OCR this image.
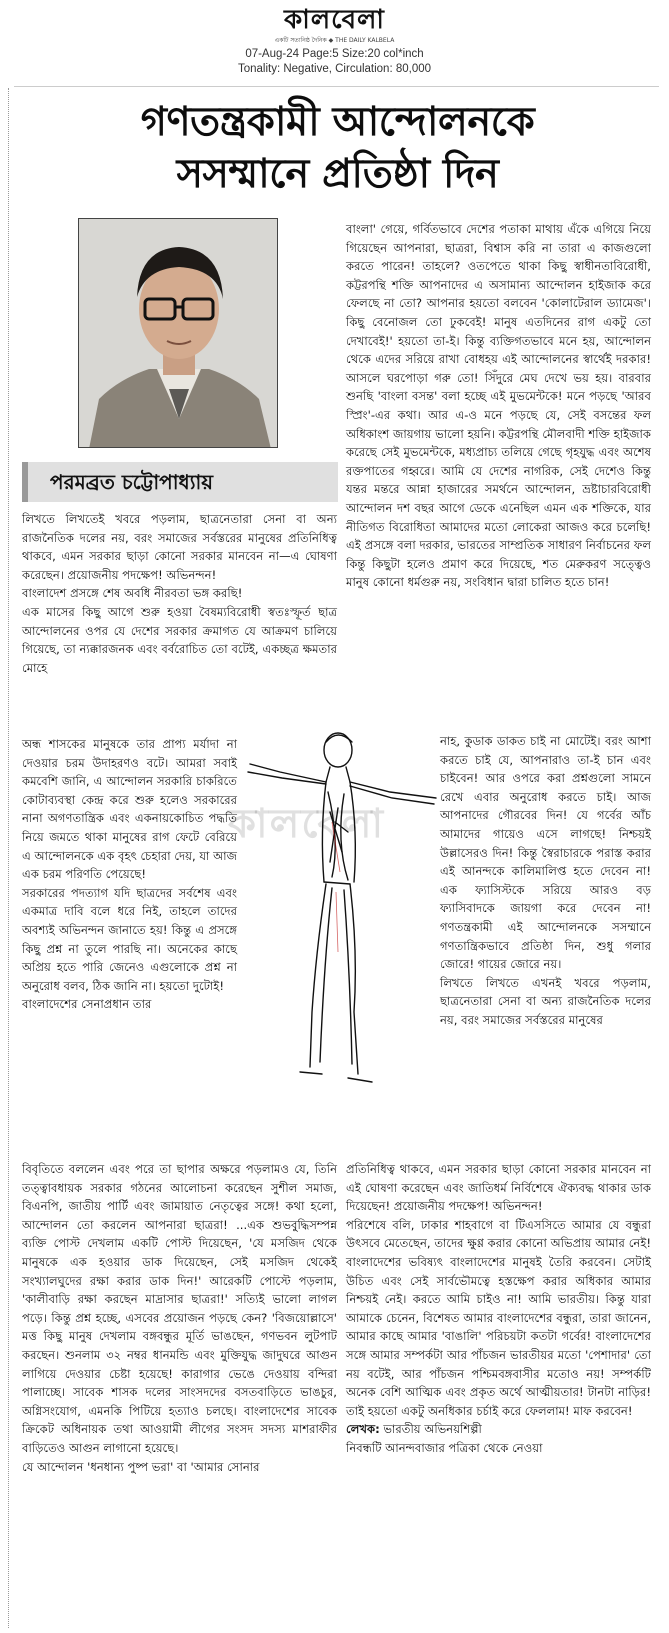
কালবেলা
একটি সত্যনিষ্ঠ দৈনিক ◆ THE DAILY KALBELA
07-Aug-24 Page:5 Size:20 col*inch
Tonality: Negative, Circulation: 80,000
গণতন্ত্রকামী আন্দোলনকে
সসম্মানে প্রতিষ্ঠা দিন
পরমব্রত চট্টোপাধ্যায়

লিখতে লিখতেই খবরে পড়লাম, ছাত্রনেতারা সেনা বা অন্য রাজনৈতিক দলের নয়, বরং সমাজের সর্বস্তরের মানুষের প্রতিনিধিত্ব থাকবে, এমন সরকার ছাড়া কোনো সরকার মানবেন না—এ ঘোষণা করেছেন। প্রয়োজনীয় পদক্ষেপ! অভিনন্দন!

বাংলাদেশ প্রসঙ্গে শেষ অবধি নীরবতা ভঙ্গ করছি!

এক মাসের কিছু আগে শুরু হওয়া বৈষম্যবিরোধী স্বতঃস্ফূর্ত ছাত্র আন্দোলনের ওপর যে দেশের সরকার ক্রমাগত যে আক্রমণ চালিয়ে গিয়েছে, তা ন্যক্কারজনক এবং বর্বরোচিত তো বটেই, একচ্ছত্র ক্ষমতার মোহে

অন্ধ শাসকের মানুষকে তার প্রাপ্য মর্যাদা না দেওয়ার চরম উদাহরণও বটে। আমরা সবাই কমবেশি জানি, এ আন্দোলন সরকারি চাকরিতে কোটাব্যবস্থা কেন্দ্র করে শুরু হলেও সরকারের নানা অগণতান্ত্রিক এবং একনায়কোচিত পদ্ধতি নিয়ে জমতে থাকা মানুষের রাগ ফেটে বেরিয়ে এ আন্দোলনকে এক বৃহৎ চেহারা দেয়, যা আজ এক চরম পরিণতি পেয়েছে!

সরকারের পদত্যাগ যদি ছাত্রদের সর্বশেষ এবং একমাত্র দাবি বলে ধরে নিই, তাহলে তাদের অবশ্যই অভিনন্দন জানাতে হয়! কিন্তু এ প্রসঙ্গে কিছু প্রশ্ন না তুলে পারছি না। অনেকের কাছে অপ্রিয় হতে পারি জেনেও এগুলোকে প্রশ্ন না অনুরোধ বলব, ঠিক জানি না। হয়তো দুটোই!

বাংলাদেশের সেনাপ্রধান তার

বিবৃতিতে বললেন এবং পরে তা ছাপার অক্ষরে পড়লামও যে, তিনি তত্ত্বাবধায়ক সরকার গঠনের আলোচনা করেছেন সুশীল সমাজ, বিএনপি, জাতীয় পার্টি এবং জামায়াত নেতৃত্বের সঙ্গে! কথা হলো, আন্দোলন তো করলেন আপনারা ছাত্ররা! ...এক শুভবুদ্ধিসম্পন্ন ব্যক্তি পোস্ট দেখলাম একটি পোস্ট দিয়েছেন, 'যে মসজিদ থেকে মানুষকে এক হওয়ার ডাক দিয়েছেন, সেই মসজিদ থেকেই সংখ্যালঘুদের রক্ষা করার ডাক দিন!' আরেকটি পোস্টে পড়লাম, 'কালীবাড়ি রক্ষা করছেন মাদ্রাসার ছাত্ররা!' সত্যিই ভালো লাগল পড়ে। কিন্তু প্রশ্ন হচ্ছে, এসবের প্রয়োজন পড়ছে কেন? 'বিজয়োল্লাসে' মত্ত কিছু মানুষ দেখলাম বঙ্গবন্ধুর মূর্তি ভাঙছেন, গণভবন লুটপাট করছেন। শুনলাম ৩২ নম্বর ধানমন্ডি এবং মুক্তিযুদ্ধ জাদুঘরে আগুন লাগিয়ে দেওয়ার চেষ্টা হয়েছে! কারাগার ভেঙে দেওয়ায় বন্দিরা পালাচ্ছে। সাবেক শাসক দলের সাংসদদের বসতবাড়িতে ভাঙচুর, অগ্নিসংযোগ, এমনকি পিটিয়ে হত্যাও চলছে। বাংলাদেশের সাবেক ক্রিকেট অধিনায়ক তথা আওয়ামী লীগের সংসদ সদস্য মাশরাফীর বাড়িতেও আগুন লাগানো হয়েছে।

যে আন্দোলন 'ধনধান্য পুষ্প ভরা' বা 'আমার সোনার

বাংলা' গেয়ে, গর্বিতভাবে দেশের পতাকা মাথায় এঁকে এগিয়ে নিয়ে গিয়েছেন আপনারা, ছাত্ররা, বিশ্বাস করি না তারা এ কাজগুলো করতে পারেন! তাহলে? ওতপেতে থাকা কিছু স্বাধীনতাবিরোধী, কট্টরপন্থি শক্তি আপনাদের এ অসামান্য আন্দোলন হাইজাক করে ফেলছে না তো? আপনার হয়তো বলবেন 'কোলাটেরাল ড্যামেজ'। কিছু বেনোজল তো ঢুকবেই! মানুষ এতদিনের রাগ একটু তো দেখাবেই!' হয়তো তা-ই। কিন্তু ব্যক্তিগতভাবে মনে হয়, আন্দোলন থেকে এদের সরিয়ে রাখা বোধহয় এই আন্দোলনের স্বার্থেই দরকার! আসলে ঘরপোড়া গরু তো! সিঁদুরে মেঘ দেখে ভয় হয়। বারবার শুনছি 'বাংলা বসন্ত' বলা হচ্ছে এই মুভমেন্টকে! মনে পড়ছে 'আরব স্প্রিং'-এর কথা। আর এ-ও মনে পড়ছে যে, সেই বসন্তের ফল অধিকাংশ জায়গায় ভালো হয়নি। কট্টরপন্থি মৌলবাদী শক্তি হাইজাক করেছে সেই মুভমেন্টকে, মধ্যপ্রাচ্য তলিয়ে গেছে গৃহযুদ্ধ এবং অশেষ রক্তপাতের গহ্বরে। আমি যে দেশের নাগরিক, সেই দেশেও কিন্তু যন্তর মন্তরে আন্না হাজারের সমর্থনে আন্দোলন, ভ্রষ্টাচারবিরোধী আন্দোলন দশ বছর আগে ডেকে এনেছিল এমন এক শক্তিকে, যার নীতিগত বিরোধিতা আমাদের মতো লোকেরা আজও করে চলেছি! এই প্রসঙ্গে বলা দরকার, ভারতের সাম্প্রতিক সাধারণ নির্বাচনের ফল কিন্তু কিছুটা হলেও প্রমাণ করে দিয়েছে, শত মেরুকরণ সত্ত্বেও মানুষ কোনো ধর্মগুরু নয়, সংবিধান দ্বারা চালিত হতে চান!

কালবেলা

নাহ, কুডাক ডাকত চাই না মোটেই। বরং আশা করতে চাই যে, আপনারাও তা-ই চান এবং চাইবেন! আর ওপরে করা প্রশ্নগুলো সামনে রেখে এবার অনুরোধ করতে চাই। আজ আপনাদের গৌরবের দিন! যে গর্বের আঁচ আমাদের গায়েও এসে লাগছে! নিশ্চয়ই উল্লাসেরও দিন! কিন্তু স্বৈরাচারকে পরাস্ত করার এই আনন্দকে কালিমালিপ্ত হতে দেবেন না! এক ফ্যাসিস্টকে সরিয়ে আরও বড় ফ্যাসিবাদকে জায়গা করে দেবেন না! গণতন্ত্রকামী এই আন্দোলনকে সসম্মানে গণতান্ত্রিকভাবে প্রতিষ্ঠা দিন, শুধু গলার জোরে! গায়ের জোরে নয়।

লিখতে লিখতে এখনই খবরে পড়লাম, ছাত্রনেতারা সেনা বা অন্য রাজনৈতিক দলের নয়, বরং সমাজের সর্বস্তরের মানুষের

প্রতিনিধিত্ব থাকবে, এমন সরকার ছাড়া কোনো সরকার মানবেন না এই ঘোষণা করেছেন এবং জাতিধর্ম নির্বিশেষে ঐক্যবদ্ধ থাকার ডাক দিয়েছেন! প্রয়োজনীয় পদক্ষেপ! অভিনন্দন!

পরিশেষে বলি, ঢাকার শাহবাগে বা টিএসসিতে আমার যে বন্ধুরা উৎসবে মেতেছেন, তাদের ক্ষুণ্ণ করার কোনো অভিপ্রায় আমার নেই! বাংলাদেশের ভবিষ্যৎ বাংলাদেশের মানুষই তৈরি করবেন। সেটাই উচিত এবং সেই সার্বভৌমত্বে হস্তক্ষেপ করার অধিকার আমার নিশ্চয়ই নেই। করতে আমি চাইও না! আমি ভারতীয়। কিন্তু যারা আমাকে চেনেন, বিশেষত আমার বাংলাদেশের বন্ধুরা, তারা জানেন, আমার কাছে আমার 'বাঙালি' পরিচয়টা কতটা গর্বের! বাংলাদেশের সঙ্গে আমার সম্পর্কটা আর পাঁচজন ভারতীয়র মতো 'পেশাদার' তো নয় বটেই, আর পাঁচজন পশ্চিমবঙ্গবাসীর মতোও নয়! সম্পর্কটি অনেক বেশি আত্মিক এবং প্রকৃত অর্থে আত্মীয়তার! টানটা নাড়ির! তাই হয়তো একটু অনধিকার চর্চাই করে ফেললাম! মাফ করবেন!

লেখক: ভারতীয় অভিনয়শিল্পী

নিবন্ধটি আনন্দবাজার পত্রিকা থেকে নেওয়া
